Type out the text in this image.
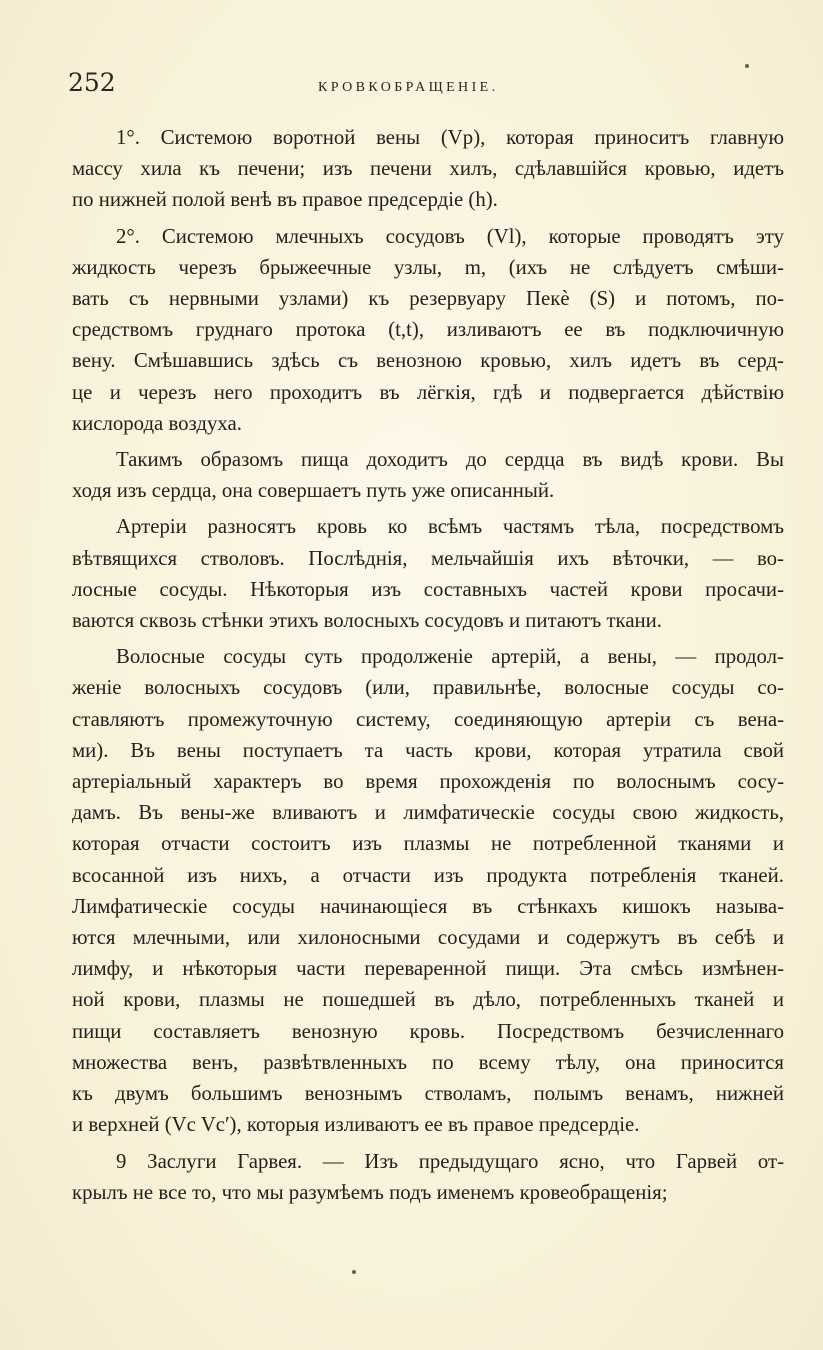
252	КРОВКОБРАЩЕНІЕ.
1°. Системою воротной вены (Vp), которая приноситъ главную
массу хила къ печени; изъ печени хилъ, сдѣлавшійся кровью, идетъ
по нижней полой венѣ въ правое предсердіе (h).
2°. Системою млечныхъ сосудовъ (Vl), которые проводятъ эту
жидкость черезъ брыжеечные узлы, m, (ихъ не слѣдуетъ смѣши-
вать съ нервными узлами) къ резервуару Пекѐ (S) и потомъ, по-
средствомъ груднаго протока (t,t), изливаютъ ее въ подключичную
вену. Смѣшавшись здѣсь съ венозною кровью, хилъ идетъ въ серд-
це и черезъ него проходитъ въ лёгкія, гдѣ и подвергается дѣйствію
кислорода воздуха.
Такимъ образомъ пища доходитъ до сердца въ видѣ крови. Вы
ходя изъ сердца, она совершаетъ путь уже описанный.
Артеріи разносятъ кровь ко всѣмъ частямъ тѣла, посредствомъ
вѣтвящихся стволовъ. Послѣднія, мельчайшія ихъ вѣточки, — во-
лосные сосуды. Нѣкоторыя изъ составныхъ частей крови просачи-
ваются сквозь стѣнки этихъ волосныхъ сосудовъ и питаютъ ткани.
Волосные сосуды суть продолженіе артерій, а вены, — продол-
женіе волосныхъ сосудовъ (или, правильнѣе, волосные сосуды со-
ставляютъ промежуточную систему, соединяющую артеріи съ вена-
ми). Въ вены поступаетъ та часть крови, которая утратила свой
артеріальный характеръ во время прохожденія по волоснымъ сосу-
дамъ. Въ вены-же вливаютъ и лимфатическіе сосуды свою жидкость,
которая отчасти состоитъ изъ плазмы не потребленной тканями и
всосанной изъ нихъ, а отчасти изъ продукта потребленія тканей.
Лимфатическіе сосуды начинающіеся въ стѣнкахъ кишокъ называ-
ются млечными, или хилоносными сосудами и содержутъ въ себѣ и
лимфу, и нѣкоторыя части переваренной пищи. Эта смѣсь измѣнен-
ной крови, плазмы не пошедшей въ дѣло, потребленныхъ тканей и
пищи составляетъ венозную кровь. Посредствомъ безчисленнаго
множества венъ, развѣтвленныхъ по всему тѣлу, она приносится
къ двумъ большимъ венознымъ стволамъ, полымъ венамъ, нижней
и верхней (Vc Vc′), которыя изливаютъ ее въ правое предсердіе.
9 Заслуги Гарвея. — Изъ предыдущаго ясно, что Гарвей от-
крылъ не все то, что мы разумѣемъ подъ именемъ кровеобращенія;
